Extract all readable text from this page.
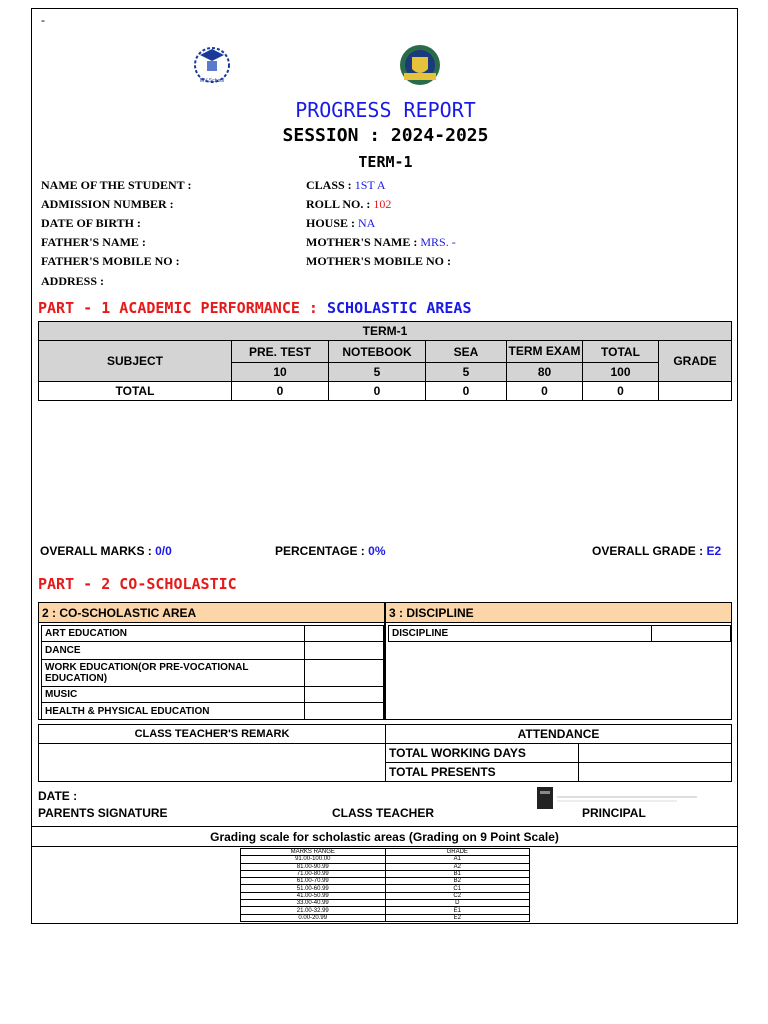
-
MV School
PROGRESS REPORT
SESSION : 2024-2025
TERM-1
NAME OF THE STUDENT :	CLASS : 1ST A
ADMISSION NUMBER :	ROLL NO. : 102
DATE OF BIRTH :	HOUSE : NA
FATHER'S NAME :	MOTHER'S NAME : MRS. -
FATHER'S MOBILE NO :	MOTHER'S MOBILE NO :
ADDRESS :
PART - 1 ACADEMIC PERFORMANCE : SCHOLASTIC AREAS
TERM-1						
SUBJECT	PRE. TEST	NOTEBOOK	SEA	TERM EXAM	TOTAL	GRADE
	10	5	5	80	100	
TOTAL	0	0	0	0	0	
OVERALL MARKS : 0/0	PERCENTAGE : 0%	OVERALL GRADE : E2
PART - 2 CO-SCHOLASTIC
2 : CO-SCHOLASTIC AREA
ART EDUCATION	
DANCE	
WORK EDUCATION(OR PRE-VOCATIONAL EDUCATION)	
MUSIC	
HEALTH & PHYSICAL EDUCATION	
3 : DISCIPLINE
DISCIPLINE	
CLASS TEACHER'S REMARK	ATTENDANCE	
	TOTAL WORKING DAYS	
	TOTAL PRESENTS	
DATE :
PARENTS SIGNATURE	CLASS TEACHER	PRINCIPAL
Grading scale for scholastic areas (Grading on 9 Point Scale)
MARKS RANGE	GRADE
91.00-100.00	A1
81.00-90.99	A2
71.00-80.99	B1
61.00-70.99	B2
51.00-60.99	C1
41.00-50.99	C2
33.00-40.99	D
21.00-32.99	E1
0.00-20.99	E2
